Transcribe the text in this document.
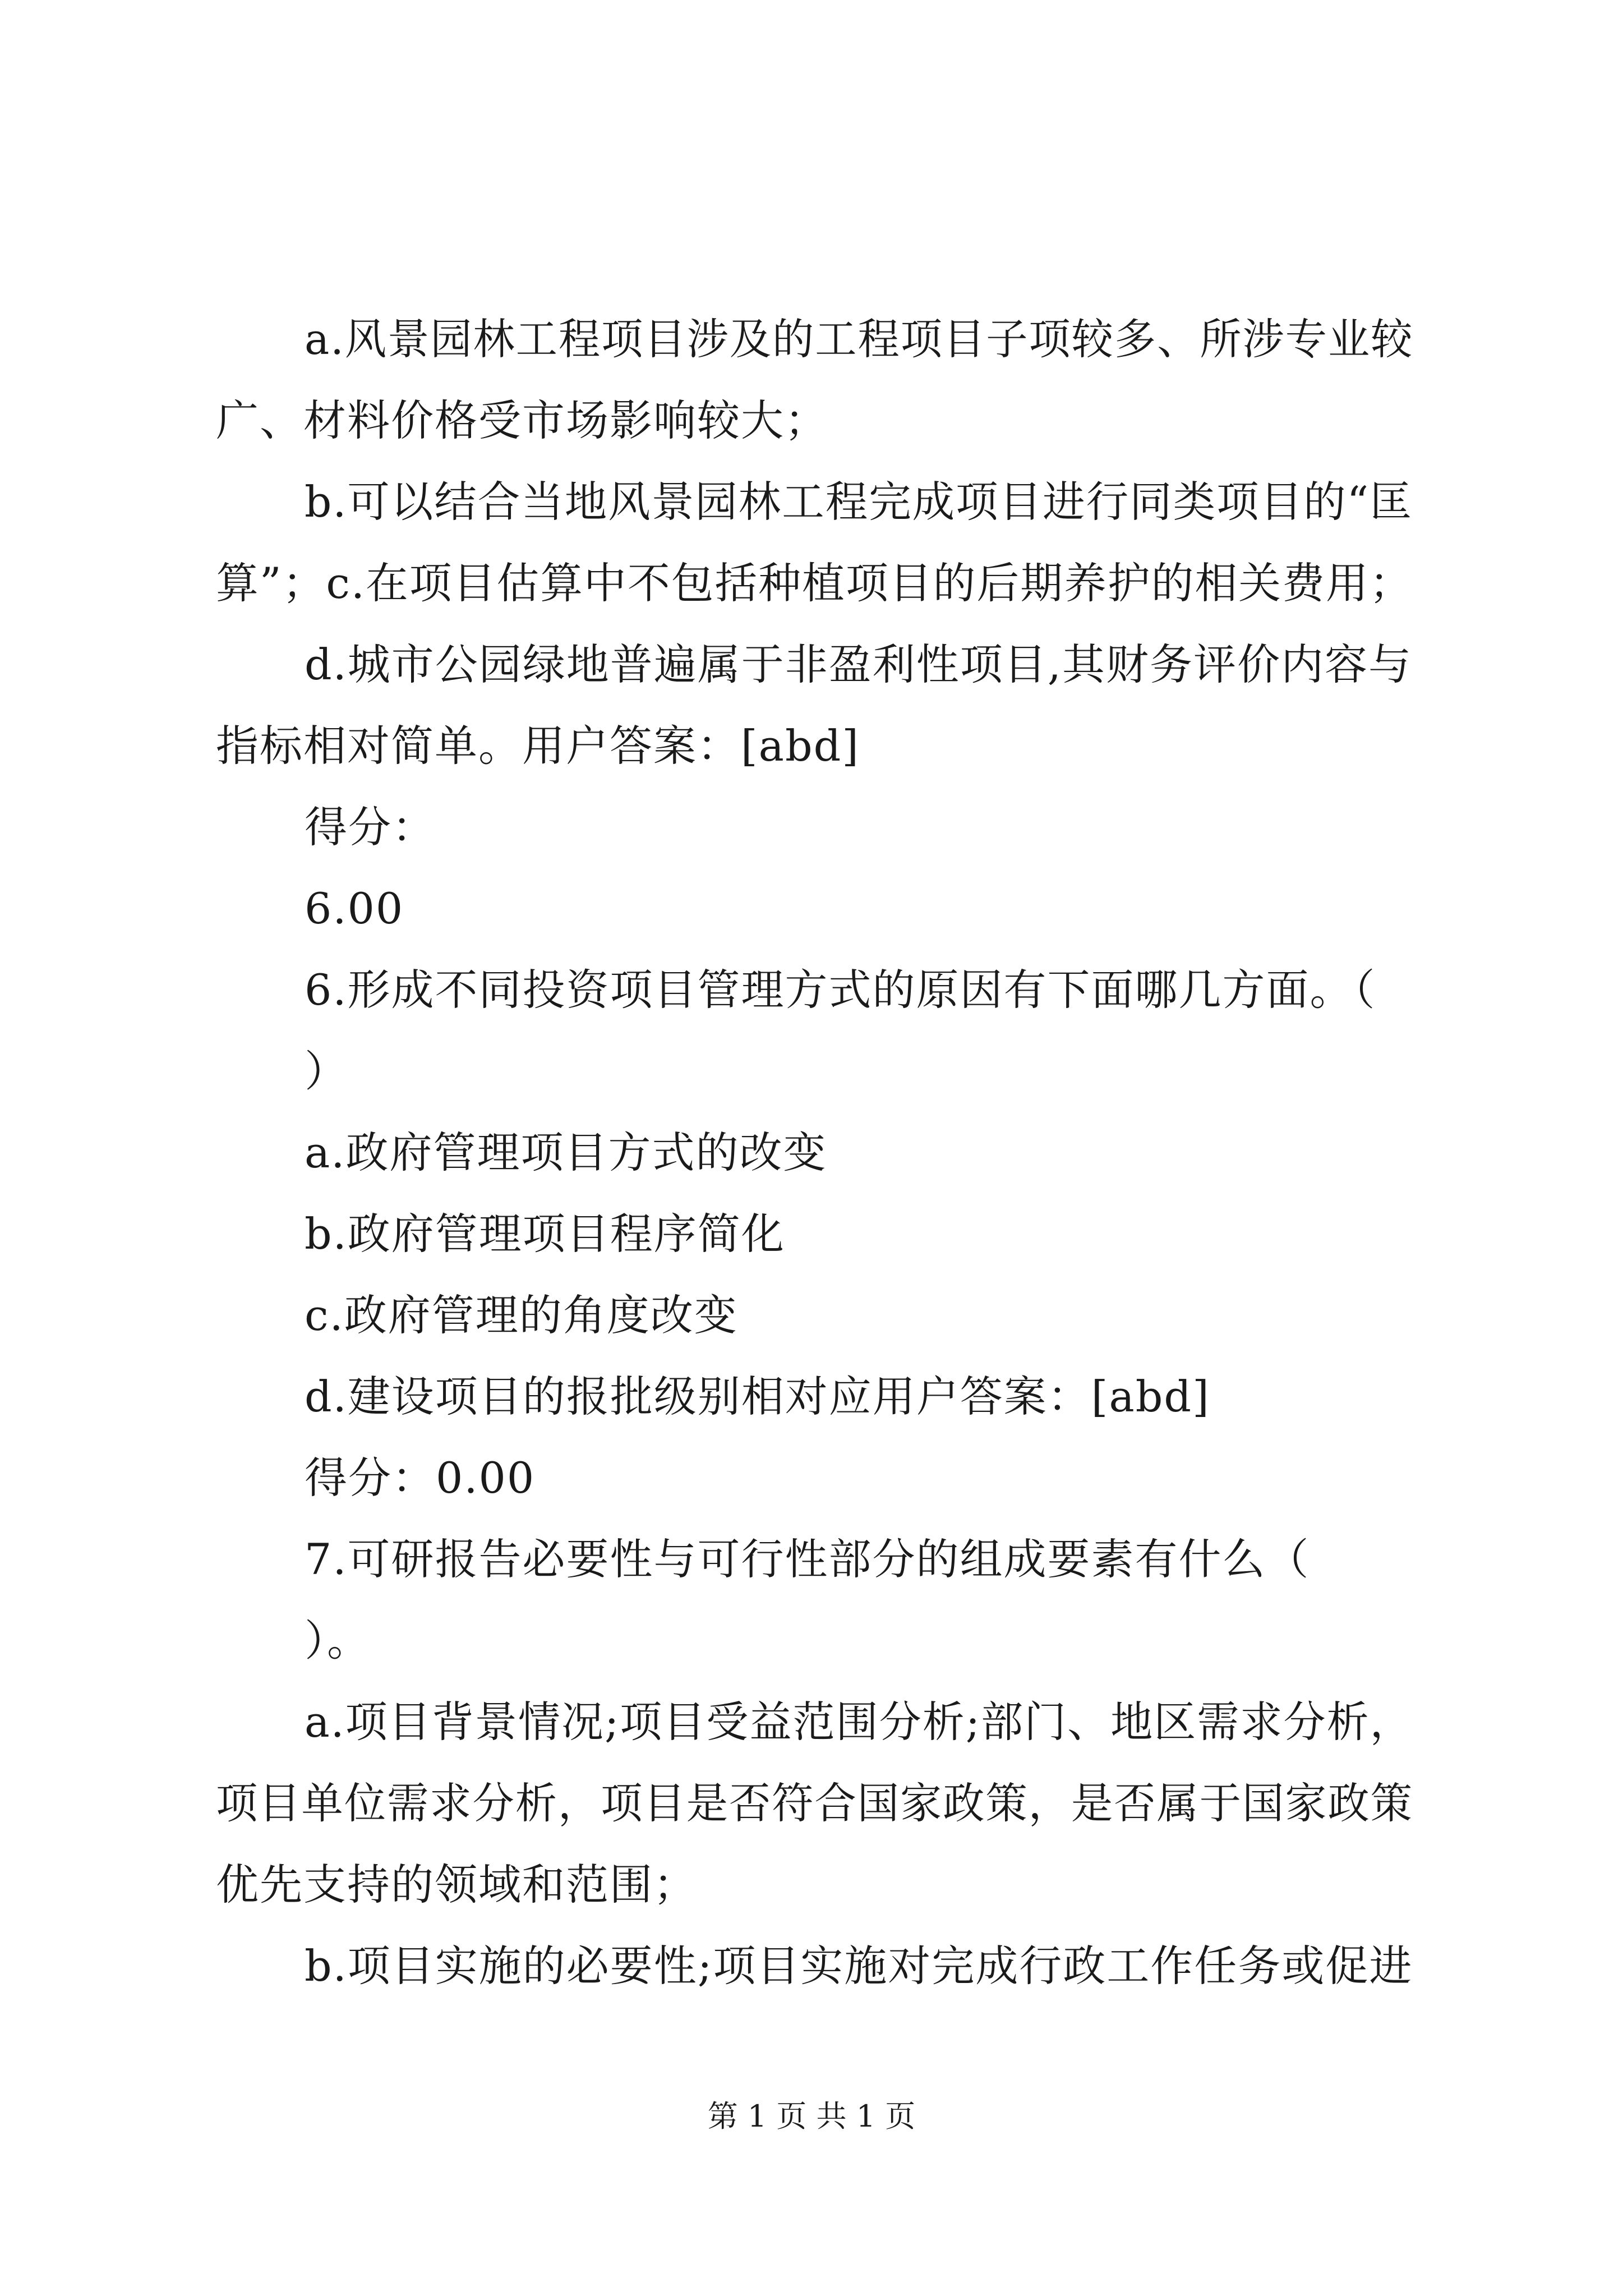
a.风景园林工程项目涉及的工程项目子项较多、所涉专业较
广、材料价格受市场影响较大；
b.可以结合当地风景园林工程完成项目进行同类项目的“匡
算”；c.在项目估算中不包括种植项目的后期养护的相关费用；
d.城市公园绿地普遍属于非盈利性项目,其财务评价内容与
指标相对简单。用户答案：[abd]
得分：
6.00
6.形成不同投资项目管理方式的原因有下面哪几方面。（
）
a.政府管理项目方式的改变
b.政府管理项目程序简化
c.政府管理的角度改变
d.建设项目的报批级别相对应用户答案：[abd]
得分：0.00
7.可研报告必要性与可行性部分的组成要素有什么（
）。
a.项目背景情况;项目受益范围分析;部门、地区需求分析，
项目单位需求分析，项目是否符合国家政策，是否属于国家政策
优先支持的领域和范围；
b.项目实施的必要性;项目实施对完成行政工作任务或促进
第 1 页 共 1 页
